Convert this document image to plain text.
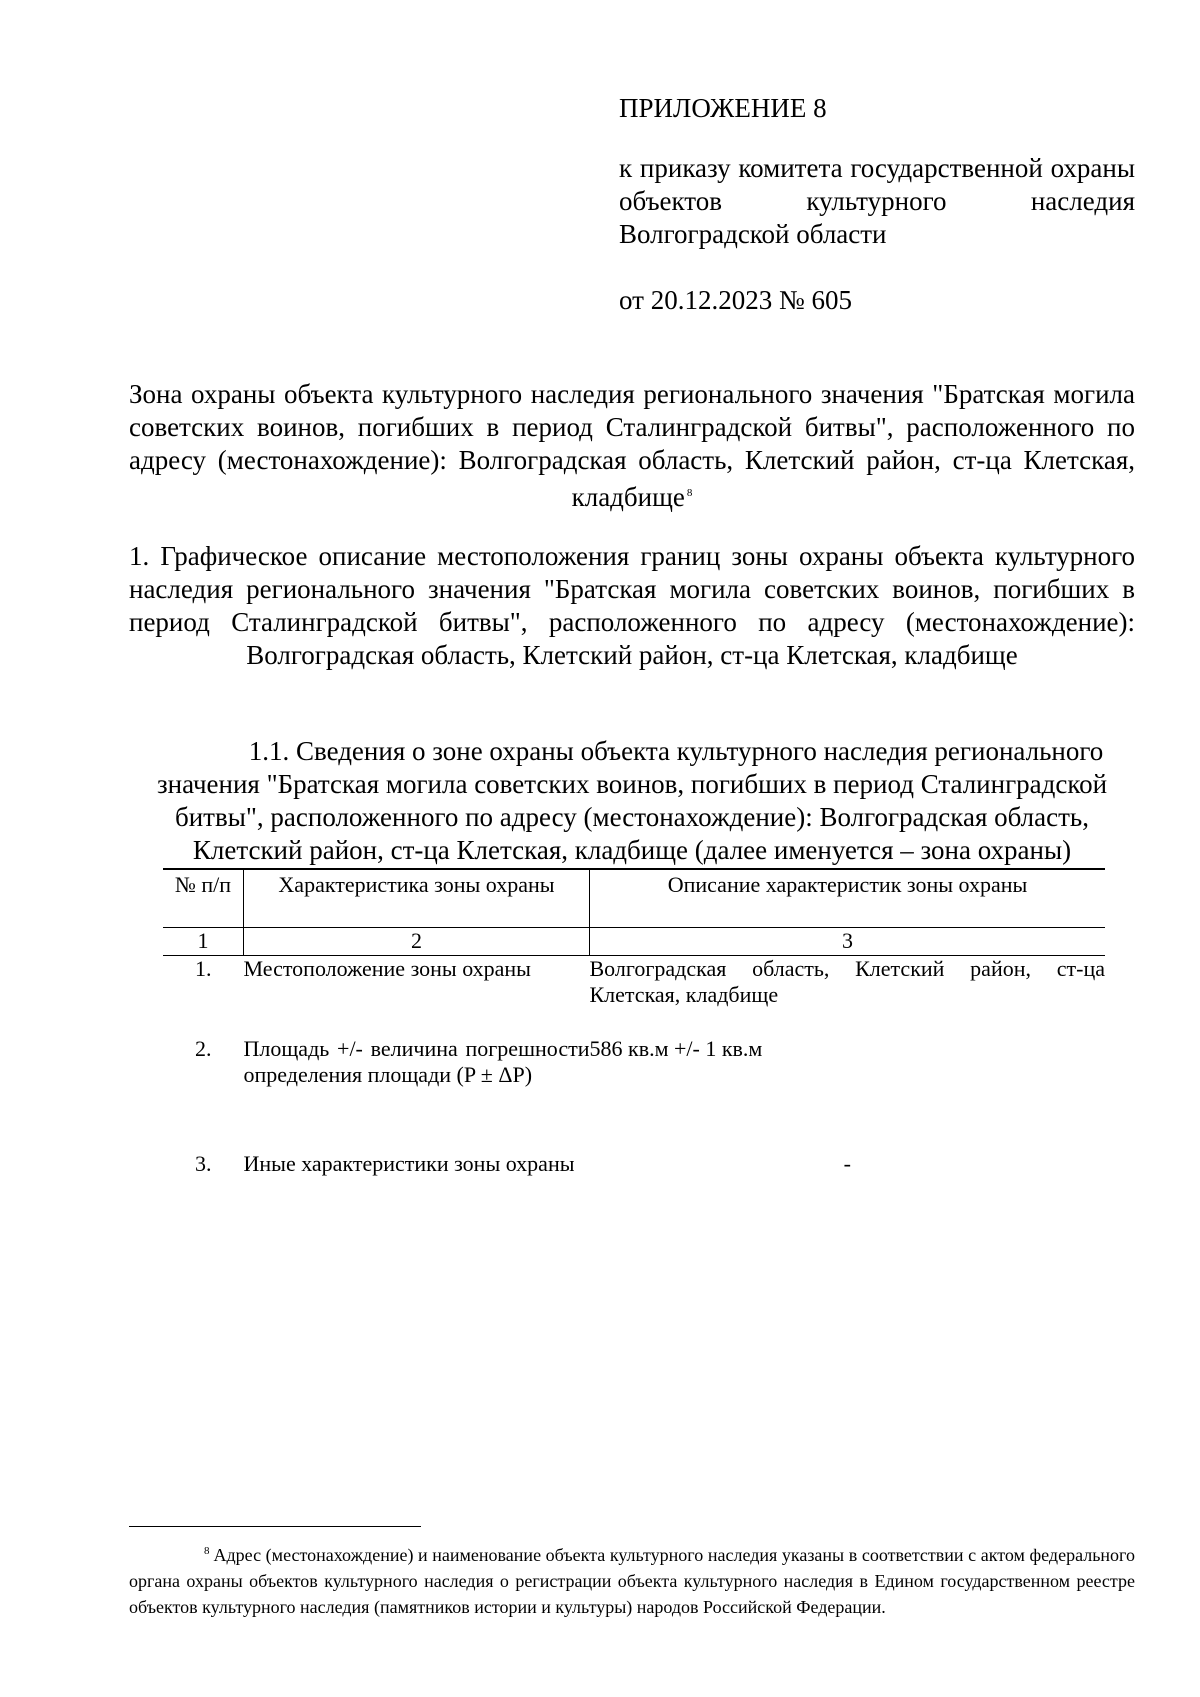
ПРИЛОЖЕНИЕ 8

к приказу комитета государственной охраны объектов культурного наследия Волгоградской области

от 20.12.2023 № 605

Зона охраны объекта культурного наследия регионального значения "Братская могила советских воинов, погибших в период Сталинградской битвы", расположенного по адресу (местонахождение): Волгоградская область, Клетский район, ст-ца Клетская, кладбище $^8$

1. Графическое описание местоположения границ зоны охраны объекта культурного наследия регионального значения "Братская могила советских воинов, погибших в период Сталинградской битвы", расположенного по адресу (местонахождение): Волгоградская область, Клетский район, ст-ца Клетская, кладбище

1.1. Сведения о зоне охраны объекта культурного наследия регионального значения "Братская могила советских воинов, погибших в период Сталинградской битвы", расположенного по адресу (местонахождение): Волгоградская область, Клетский район, ст-ца Клетская, кладбище (далее именуется – зона охраны)

№ п/п	Характеристика зоны охраны	Описание характеристик зоны охраны
1	2	3
1.	Местоположение зоны охраны	Волгоградская область, Клетский район, ст-ца Клетская, кладбище
2.	Площадь +/- величина погрешности определения площади (P ± ΔP)	586 кв.м +/- 1 кв.м
3.	Иные характеристики зоны охраны	-

$^8$ Адрес (местонахождение) и наименование объекта культурного наследия указаны в соответствии с актом федерального органа охраны объектов культурного наследия о регистрации объекта культурного наследия в Едином государственном реестре объектов культурного наследия (памятников истории и культуры) народов Российской Федерации.
